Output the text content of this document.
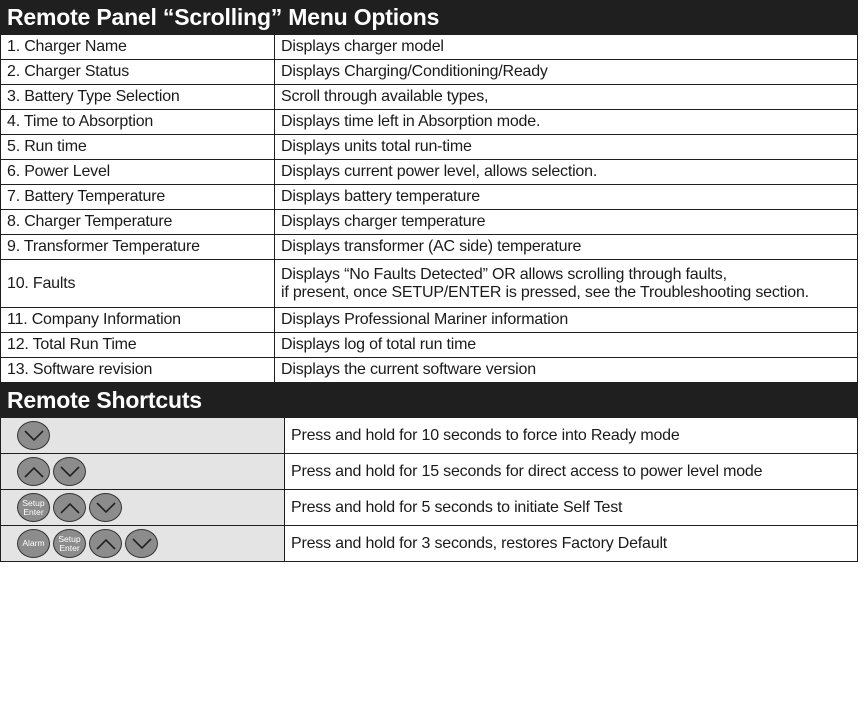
Remote Panel “Scrolling” Menu Options
1. Charger Name	Displays charger model
2. Charger Status	Displays Charging/Conditioning/Ready
3. Battery Type Selection	Scroll through available types,
4. Time to Absorption	Displays time left in Absorption mode.
5. Run time	Displays units total run-time
6. Power Level	Displays current power level, allows selection.
7. Battery Temperature	Displays battery temperature
8. Charger Temperature	Displays charger temperature
9. Transformer Temperature	Displays transformer (AC side) temperature
10. Faults	Displays “No Faults Detected” OR allows scrolling through faults,
if present, once SETUP/ENTER is pressed, see the Troubleshooting section.

11. Company Information	Displays Professional Mariner information
12. Total Run Time	Displays log of total run time
13. Software revision	Displays the current software version
Remote Shortcuts
	Press and hold for 10 seconds to force into Ready mode

	Press and hold for 15 seconds for direct access to power level mode

Setup
Enter	Press and hold for 5 seconds to initiate Self Test

Alarm Setup
Enter	Press and hold for 3 seconds, restores Factory Default
